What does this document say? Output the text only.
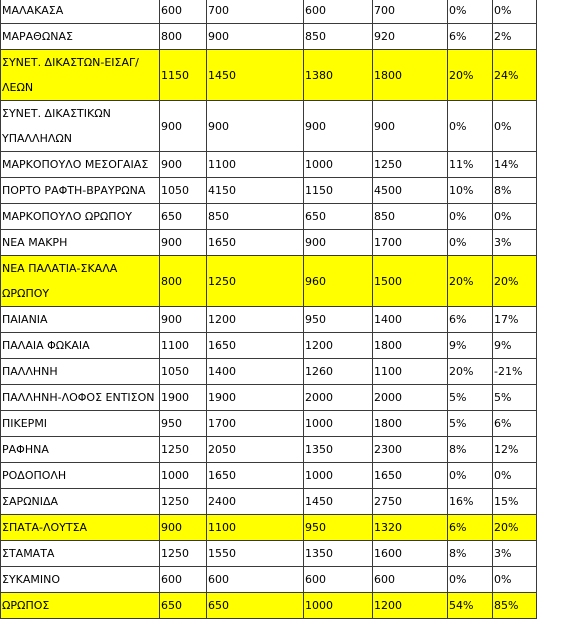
ΜΑΛΑΚΑΣΑ	600	700	600	700	0%	0%
ΜΑΡΑΘΩΝΑΣ	800	900	850	920	6%	2%
ΣΥΝΕΤ. ΔΙΚΑΣΤΩΝ-ΕΙΣΑΓ/ ΛΕΩΝ	1150	1450	1380	1800	20%	24%
ΣΥΝΕΤ. ΔΙΚΑΣΤΙΚΩΝ ΥΠΑΛΛΗΛΩΝ	900	900	900	900	0%	0%
ΜΑΡΚΟΠΟΥΛΟ ΜΕΣΟΓΑΙΑΣ	900	1100	1000	1250	11%	14%
ΠΟΡΤΟ ΡΑΦΤΗ-ΒΡΑΥΡΩΝΑ	1050	4150	1150	4500	10%	8%
ΜΑΡΚΟΠΟΥΛΟ ΩΡΩΠΟΥ	650	850	650	850	0%	0%
ΝΕΑ ΜΑΚΡΗ	900	1650	900	1700	0%	3%
ΝΕΑ ΠΑΛΑΤΙΑ-ΣΚΑΛΑ ΩΡΩΠΟΥ	800	1250	960	1500	20%	20%
ΠΑΙΑΝΙΑ	900	1200	950	1400	6%	17%
ΠΑΛΑΙΑ ΦΩΚΑΙΑ	1100	1650	1200	1800	9%	9%
ΠΑΛΛΗΝΗ	1050	1400	1260	1100	20%	-21%
ΠΑΛΛΗΝΗ-ΛΟΦΟΣ ΕΝΤΙΣΟΝ	1900	1900	2000	2000	5%	5%
ΠΙΚΕΡΜΙ	950	1700	1000	1800	5%	6%
ΡΑΦΗΝΑ	1250	2050	1350	2300	8%	12%
ΡΟΔΟΠΟΛΗ	1000	1650	1000	1650	0%	0%
ΣΑΡΩΝΙΔΑ	1250	2400	1450	2750	16%	15%
ΣΠΑΤΑ-ΛΟΥΤΣΑ	900	1100	950	1320	6%	20%
ΣΤΑΜΑΤΑ	1250	1550	1350	1600	8%	3%
ΣΥΚΑΜΙΝΟ	600	600	600	600	0%	0%
ΩΡΩΠΟΣ	650	650	1000	1200	54%	85%
